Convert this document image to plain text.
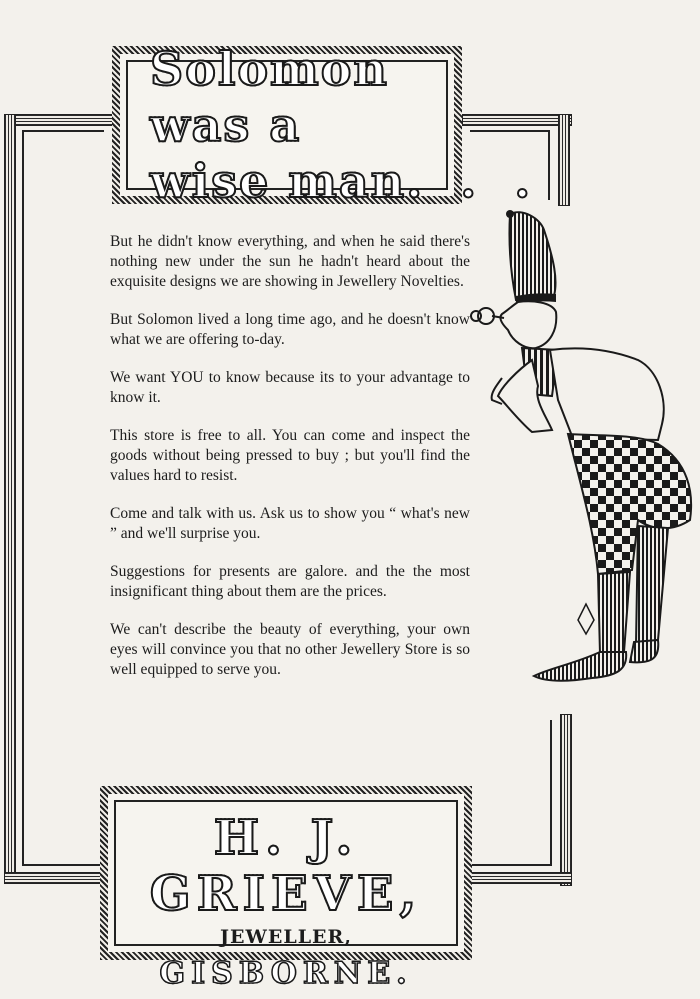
Solomon was a

wise man.  .  .

But he didn't know everything, and when he said there's nothing new under the sun he hadn't heard about the exquisite designs we are showing in Jewellery Novelties.

But Solomon lived a long time ago, and he doesn't know what we are offering to-day.

We want YOU to know because its to your advantage to know it.

This store is free to all. You can come and inspect the goods without being pressed to buy ; but you'll find the values hard to resist.

Come and talk with us. Ask us to show you “ what's new ” and we'll surprise you.

Suggestions for presents are galore. and the the most insignificant thing about them are the prices.

We can't describe the beauty of everything, your own eyes will convince you that no other Jewellery Store is so well equipped to serve you.

H. J. GRIEVE,
JEWELLER,
GISBORNE.
